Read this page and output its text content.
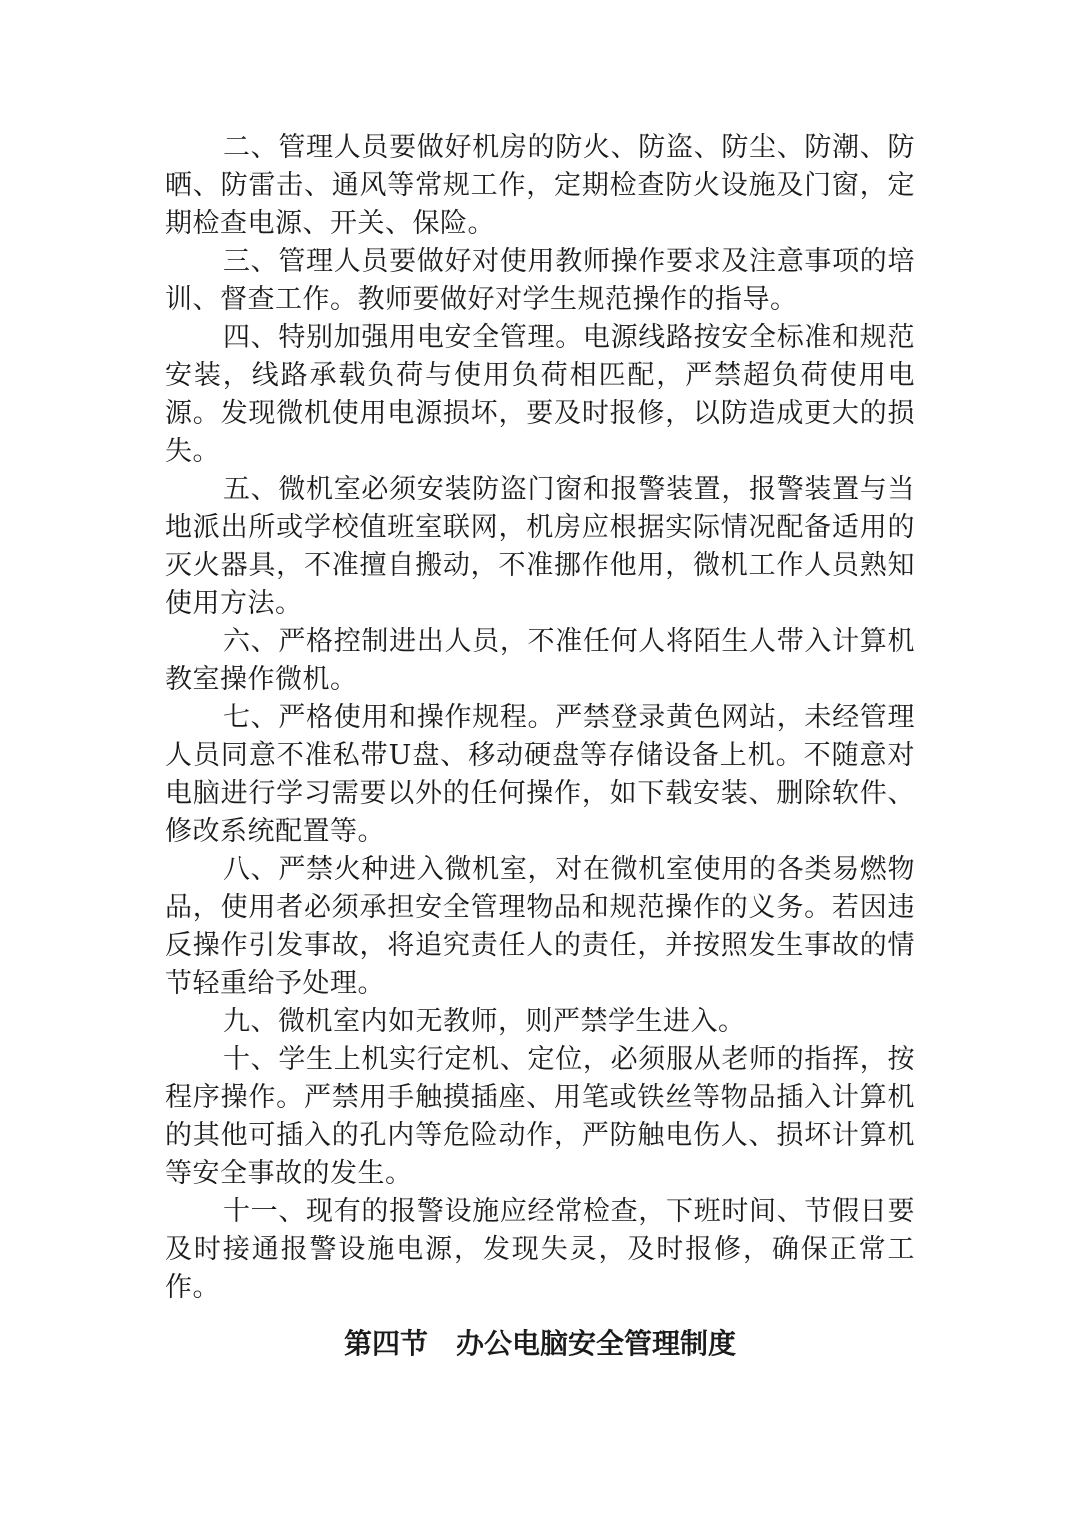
二、管理人员要做好机房的防火、防盗、防尘、防潮、防晒、防雷击、通风等常规工作，定期检查防火设施及门窗，定期检查电源、开关、保险。

三、管理人员要做好对使用教师操作要求及注意事项的培训、督查工作。教师要做好对学生规范操作的指导。

四、特别加强用电安全管理。电源线路按安全标准和规范安装，线路承载负荷与使用负荷相匹配，严禁超负荷使用电源。发现微机使用电源损坏，要及时报修，以防造成更大的损失。

五、微机室必须安装防盗门窗和报警装置，报警装置与当地派出所或学校值班室联网，机房应根据实际情况配备适用的灭火器具，不准擅自搬动，不准挪作他用，微机工作人员熟知使用方法。

六、严格控制进出人员，不准任何人将陌生人带入计算机教室操作微机。

七、严格使用和操作规程。严禁登录黄色网站，未经管理人员同意不准私带U盘、移动硬盘等存储设备上机。不随意对电脑进行学习需要以外的任何操作，如下载安装、删除软件、修改系统配置等。

八、严禁火种进入微机室，对在微机室使用的各类易燃物品，使用者必须承担安全管理物品和规范操作的义务。若因违反操作引发事故，将追究责任人的责任，并按照发生事故的情节轻重给予处理。

九、微机室内如无教师，则严禁学生进入。

十、学生上机实行定机、定位，必须服从老师的指挥，按程序操作。严禁用手触摸插座、用笔或铁丝等物品插入计算机的其他可插入的孔内等危险动作，严防触电伤人、损坏计算机等安全事故的发生。

十一、现有的报警设施应经常检查，下班时间、节假日要及时接通报警设施电源，发现失灵，及时报修，确保正常工作。

第四节　办公电脑安全管理制度
